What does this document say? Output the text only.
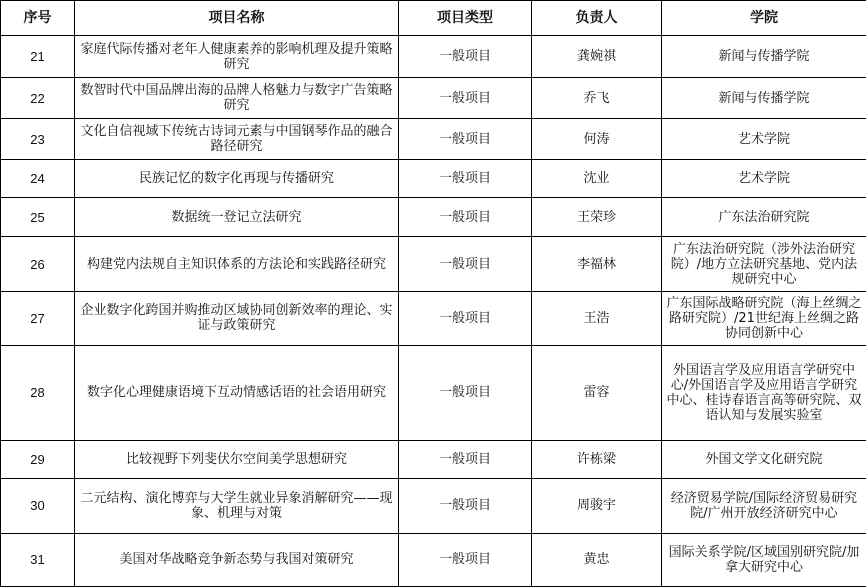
序号	项目名称	项目类型	负责人	学院
21	家庭代际传播对老年人健康素养的影响机理及提升策略研究	一般项目	龚婉祺	新闻与传播学院
22	数智时代中国品牌出海的品牌人格魅力与数字广告策略研究	一般项目	乔飞	新闻与传播学院
23	文化自信视域下传统古诗词元素与中国钢琴作品的融合路径研究	一般项目	何涛	艺术学院
24	民族记忆的数字化再现与传播研究	一般项目	沈业	艺术学院
25	数据统一登记立法研究	一般项目	王荣珍	广东法治研究院
26	构建党内法规自主知识体系的方法论和实践路径研究	一般项目	李福林	广东法治研究院（涉外法治研究院）/地方立法研究基地、党内法规研究中心
27	企业数字化跨国并购推动区域协同创新效率的理论、实证与政策研究	一般项目	王浩	广东国际战略研究院（海上丝绸之路研究院）/21世纪海上丝绸之路协同创新中心
28	数字化心理健康语境下互动情感话语的社会语用研究	一般项目	雷容	外国语言学及应用语言学研究中心/外国语言学及应用语言学研究中心、桂诗春语言高等研究院、双语认知与发展实验室
29	比较视野下列斐伏尔空间美学思想研究	一般项目	许栋梁	外国文学文化研究院
30	二元结构、演化博弈与大学生就业异象消解研究——现象、机理与对策	一般项目	周骏宇	经济贸易学院/国际经济贸易研究院/广州开放经济研究中心
31	美国对华战略竞争新态势与我国对策研究	一般项目	黄忠	国际关系学院/区域国别研究院/加拿大研究中心
